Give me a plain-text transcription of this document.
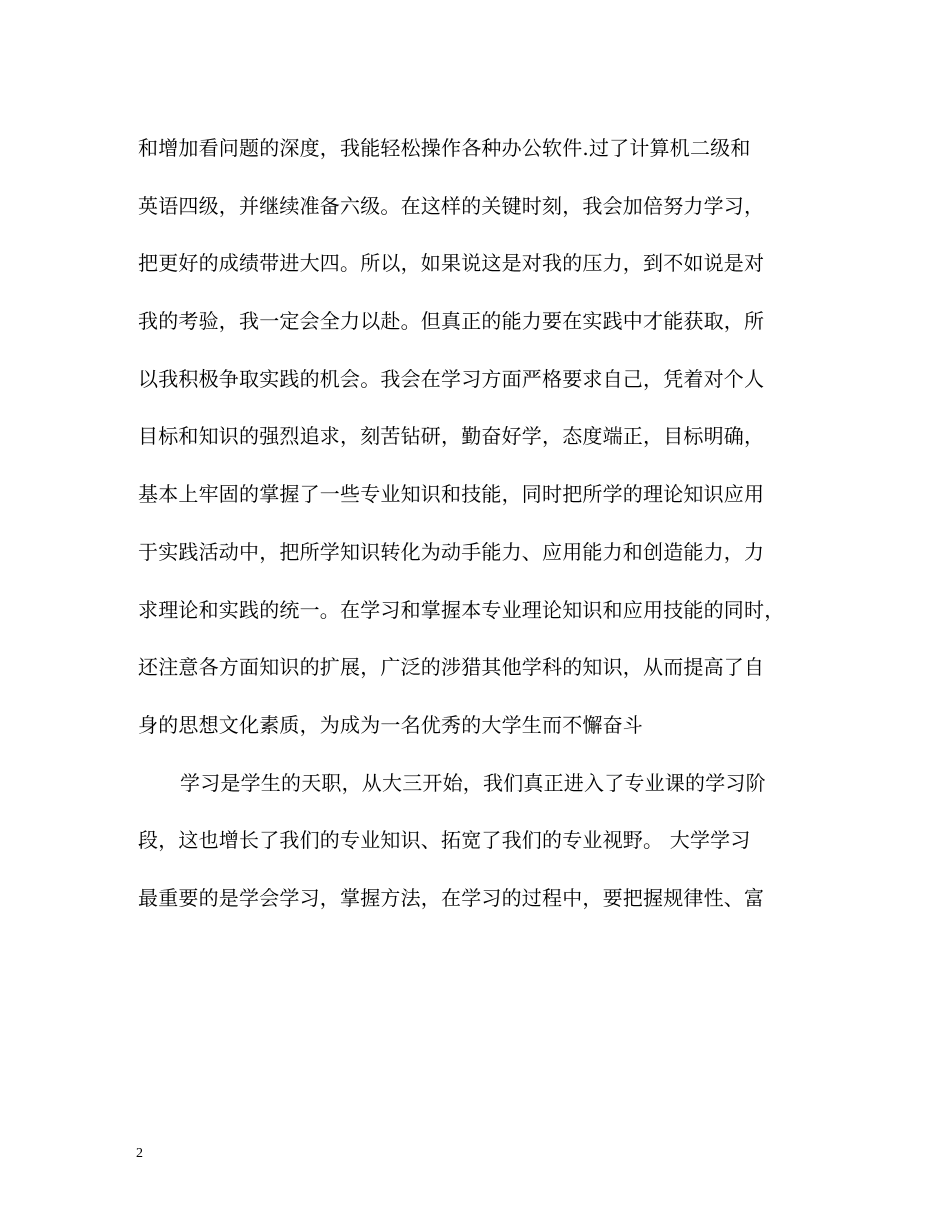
和增加看问题的深度，我能轻松操作各种办公软件.过了计算机二级和
英语四级，并继续准备六级。在这样的关键时刻，我会加倍努力学习，
把更好的成绩带进大四。所以，如果说这是对我的压力，到不如说是对
我的考验，我一定会全力以赴。但真正的能力要在实践中才能获取，所
以我积极争取实践的机会。我会在学习方面严格要求自己，凭着对个人
目标和知识的强烈追求，刻苦钻研，勤奋好学，态度端正，目标明确，
基本上牢固的掌握了一些专业知识和技能，同时把所学的理论知识应用
于实践活动中，把所学知识转化为动手能力、应用能力和创造能力，力
求理论和实践的统一。在学习和掌握本专业理论知识和应用技能的同时，
还注意各方面知识的扩展，广泛的涉猎其他学科的知识，从而提高了自
身的思想文化素质，为成为一名优秀的大学生而不懈奋斗
学习是学生的天职，从大三开始，我们真正进入了专业课的学习阶
段，这也增长了我们的专业知识、拓宽了我们的专业视野。 大学学习
最重要的是学会学习，掌握方法，在学习的过程中，要把握规律性、富
2
